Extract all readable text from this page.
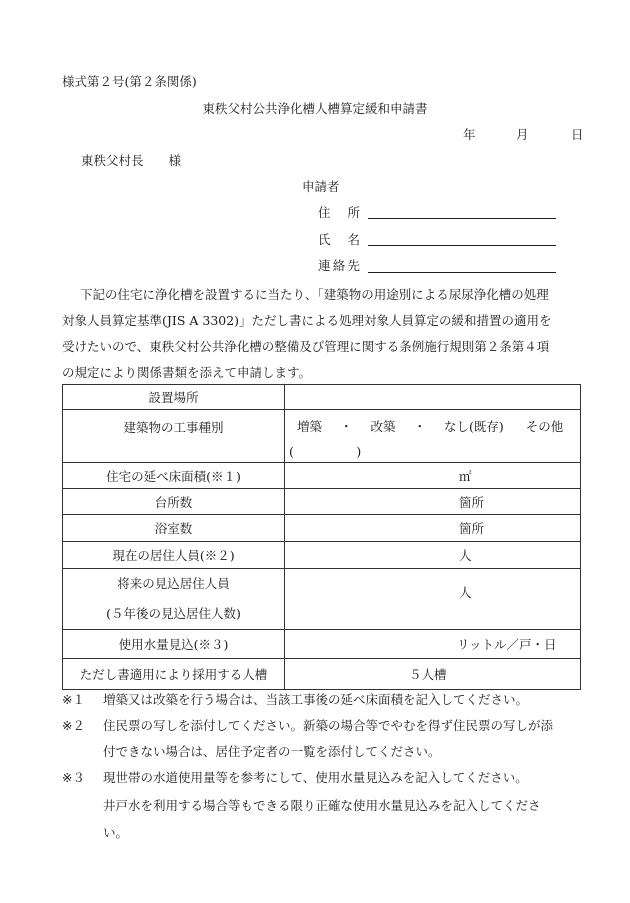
様式第２号(第２条関係)
東秩父村公共浄化槽人槽算定緩和申請書
年	月	日
東秩父村長　　様
申請者
住所
氏名
連絡先
下記の住宅に浄化槽を設置するに当たり、「建築物の用途別による尿尿浄化槽の処理
対象人員算定基準(JIS A 3302)」ただし書による処理対象人員算定の緩和措置の適用を
受けたいので、東秩父村公共浄化槽の整備及び管理に関する条例施行規則第２条第４項
の規定により関係書類を添えて申請します。
設置場所	
建築物の工事種別	増築 ・ 改築 ・ なし(既存) その他
(　　　　　)

住宅の延べ床面積(※１)	㎡

台所数	箇所

浴室数	箇所

現在の居住人員(※２)	人

将来の見込居住人員
(５年後の見込居住人数)	人

使用水量見込(※３)	リットル／戸・日

ただし書適用により採用する人槽	５人槽
※１ 増築又は改築を行う場合は、当該工事後の延べ床面積を記入してください。
※２ 住民票の写しを添付してください。新築の場合等でやむを得ず住民票の写しが添
付できない場合は、居住予定者の一覧を添付してください。
※３ 現世帯の水道使用量等を参考にして、使用水量見込みを記入してください。
井戸水を利用する場合等もできる限り正確な使用水量見込みを記入してくださ
い。
